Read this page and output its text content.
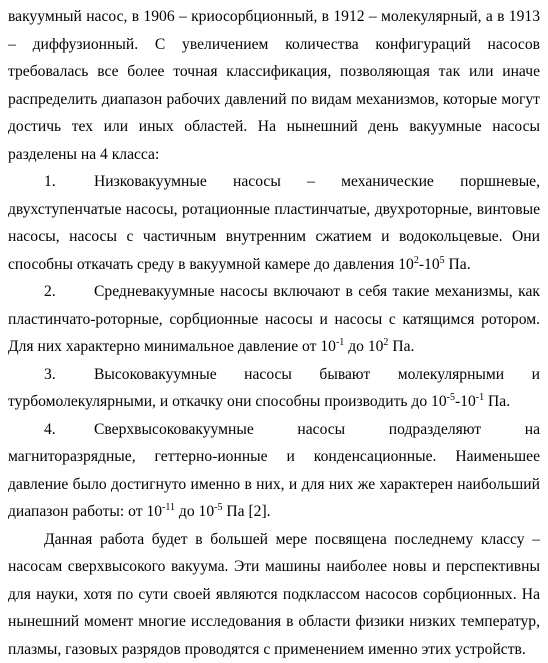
вакуумный насос, в 1906 – криосорбционный, в 1912 – молекулярный, а в 1913 – диффузионный. С увеличением количества конфигураций насосов требовалась все более точная классификация, позволяющая так или иначе распределить диапазон рабочих давлений по видам механизмов, которые могут достичь тех или иных областей. На нынешний день вакуумные насосы разделены на 4 класса:

1. Низковакуумные насосы – механические поршневые, двухступенчатые насосы, ротационные пластинчатые, двухроторные, винтовые насосы, насосы с частичным внутренним сжатием и водокольцевые. Они способны откачать среду в вакуумной камере до давления $10^2-10^5$ Па.

2. Средневакуумные насосы включают в себя такие механизмы, как пластинчато-роторные, сорбционные насосы и насосы с катящимся ротором. Для них характерно минимальное давление от $10^{-1}$ до $10^2$ Па.

3. Высоковакуумные насосы бывают молекулярными и турбомолекулярными, и откачку они способны производить до $10^{-5}-10^{-1}$ Па.

4. Сверхвысоковакуумные насосы подразделяют на магниторазрядные, геттерно-ионные и конденсационные. Наименьшее давление было достигнуто именно в них, и для них же характерен наибольший диапазон работы: от $10^{-11}$ до $10^{-5}$ Па [2].

Данная работа будет в большей мере посвящена последнему классу – насосам сверхвысокого вакуума. Эти машины наиболее новы и перспективны для науки, хотя по сути своей являются подклассом насосов сорбционных. На нынешний момент многие исследования в области физики низких температур, плазмы, газовых разрядов проводятся с применением именно этих устройств.
